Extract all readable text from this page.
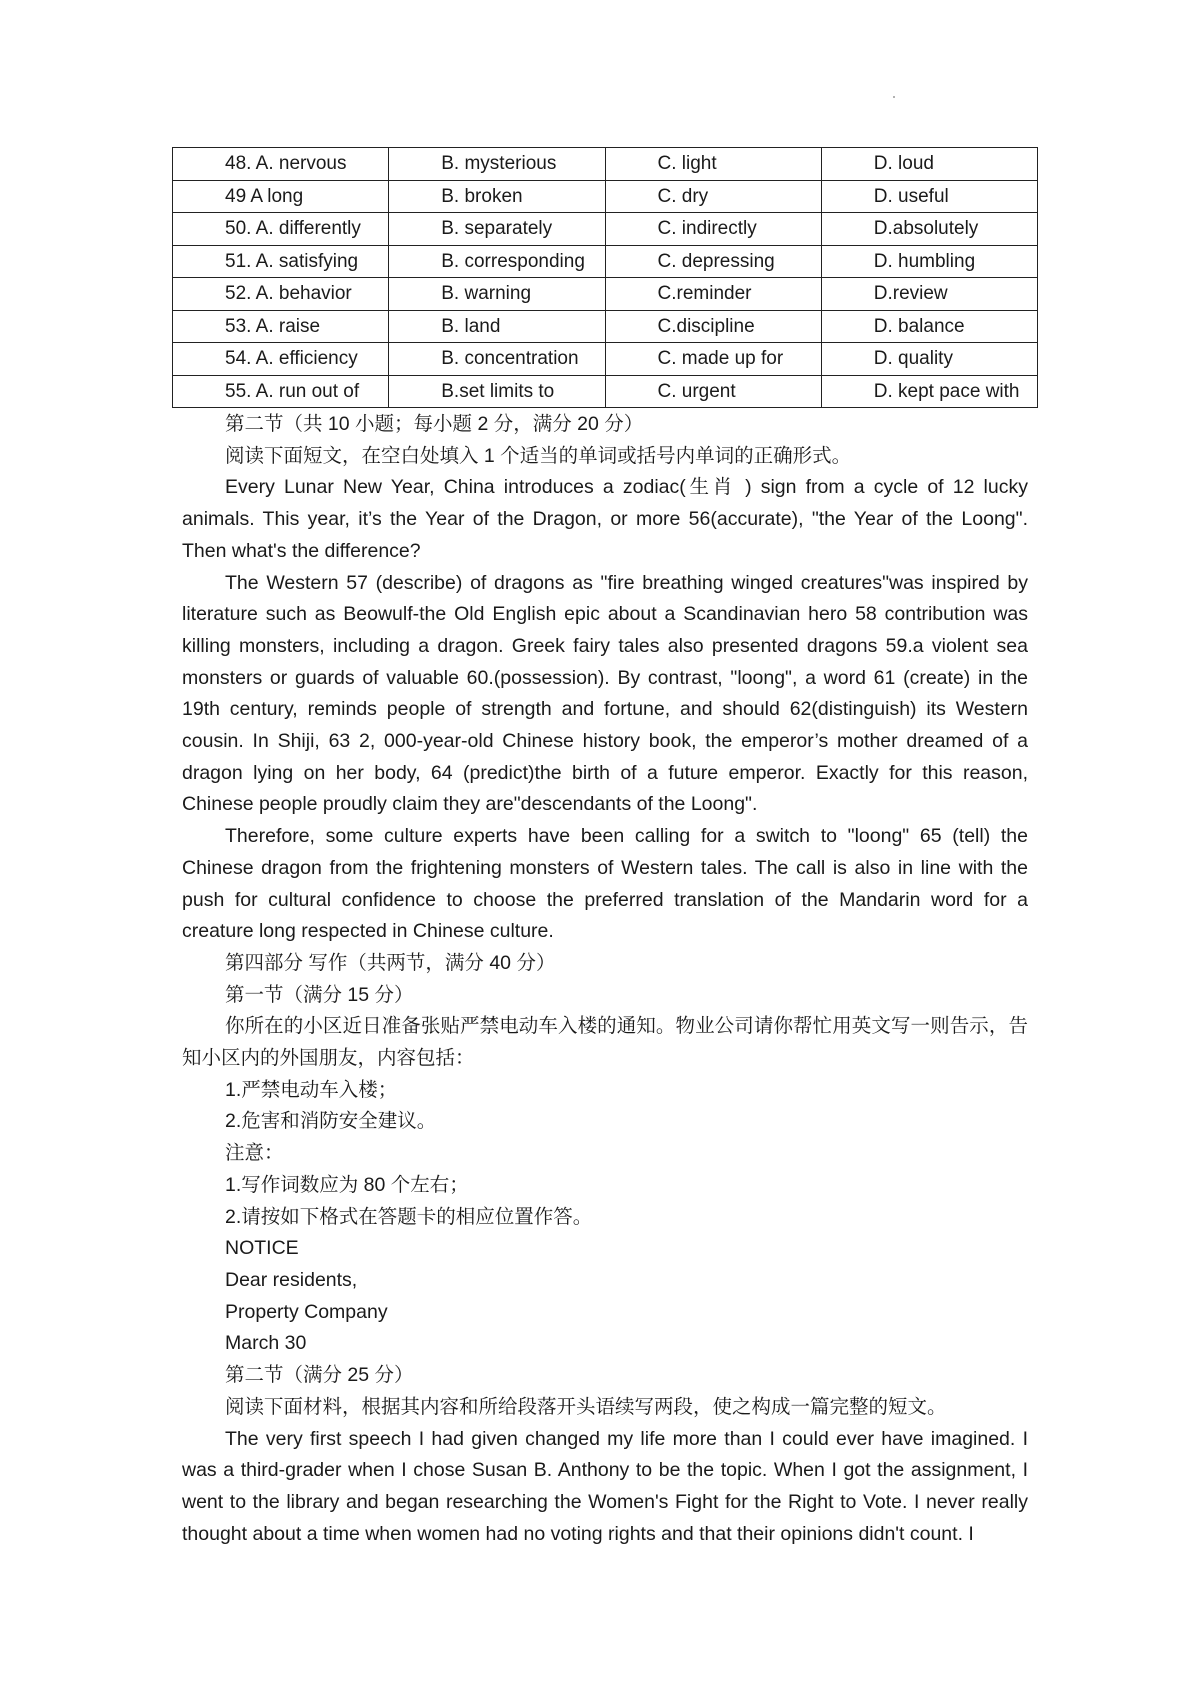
48. A. nervous	B. mysterious	C. light	D. loud
49 A long	B. broken	C. dry	D. useful
50. A. differently	B. separately	C. indirectly	D.absolutely
51. A. satisfying	B. corresponding	C. depressing	D. humbling
52. A. behavior	B. warning	C.reminder	D.review
53. A. raise	B. land	C.discipline	D. balance
54. A. efficiency	B. concentration	C. made up for	D. quality
55. A. run out of	B.set limits to	C. urgent	D. kept pace with

第二节（共 10 小题；每小题 2 分，满分 20 分）

阅读下面短文，在空白处填入 1 个适当的单词或括号内单词的正确形式。

Every Lunar New Year, China introduces a zodiac(生肖 ) sign from a cycle of 12 lucky animals. This year, it’s the Year of the Dragon, or more 56(accurate), "the Year of the Loong". Then what's the difference?

The Western 57 (describe) of dragons as "fire breathing winged creatures"was inspired by literature such as Beowulf-the Old English epic about a Scandinavian hero 58 contribution was killing monsters, including a dragon. Greek fairy tales also presented dragons 59.a violent sea monsters or guards of valuable 60.(possession). By contrast, "loong", a word 61 (create) in the 19th century, reminds people of strength and fortune, and should 62(distinguish) its Western cousin. In Shiji, 63 2, 000-year-old Chinese history book, the emperor’s mother dreamed of a dragon lying on her body, 64 (predict)the birth of a future emperor. Exactly for this reason, Chinese people proudly claim they are"descendants of the Loong".

Therefore, some culture experts have been calling for a switch to "loong" 65 (tell) the Chinese dragon from the frightening monsters of Western tales. The call is also in line with the push for cultural confidence to choose the preferred translation of the Mandarin word for a creature long respected in Chinese culture.

第四部分 写作（共两节，满分 40 分）

第一节（满分 15 分）

你所在的小区近日准备张贴严禁电动车入楼的通知。物业公司请你帮忙用英文写一则告示，告知小区内的外国朋友，内容包括：

1.严禁电动车入楼；

2.危害和消防安全建议。

注意：

1.写作词数应为 80 个左右；

2.请按如下格式在答题卡的相应位置作答。

NOTICE

Dear residents,

Property Company

March 30

第二节（满分 25 分）

阅读下面材料，根据其内容和所给段落开头语续写两段，使之构成一篇完整的短文。

The very first speech I had given changed my life more than I could ever have imagined. I was a third-grader when I chose Susan B. Anthony to be the topic. When I got the assignment, I went to the library and began researching the Women's Fight for the Right to Vote. I never really thought about a time when women had no voting rights and that their opinions didn't count. I
